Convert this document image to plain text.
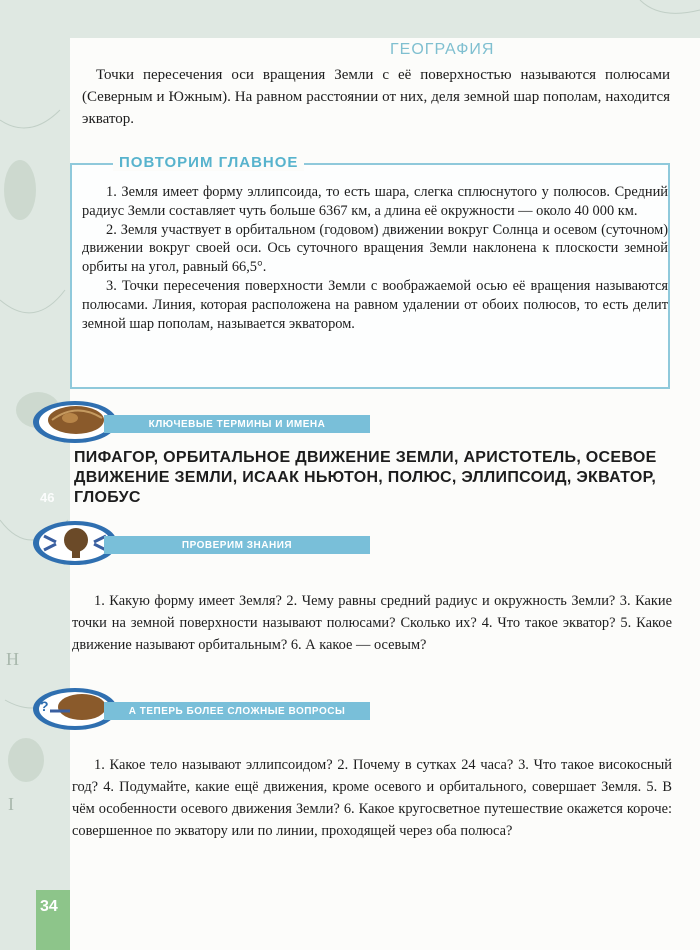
H
I
ГЕОГРАФИЯ
Точки пересечения оси вращения Земли с её поверхностью называются полюсами (Северным и Южным). На равном расстоянии от них, деля земной шар пополам, находится экватор.
ПОВТОРИМ ГЛАВНОЕ

1. Земля имеет форму эллипсоида, то есть шара, слегка сплюснутого у полюсов. Средний радиус Земли составляет чуть больше 6367 км, а длина её окружности — около 40 000 км.

2. Земля участвует в орбитальном (годовом) движении вокруг Солнца и осевом (суточном) движении вокруг своей оси. Ось суточного вращения Земли наклонена к плоскости земной орбиты на угол, равный 66,5°.

3. Точки пересечения поверхности Земли с воображаемой осью её вращения называются полюсами. Линия, которая расположена на равном удалении от обоих полюсов, то есть делит земной шар пополам, называется экватором.

КЛЮЧЕВЫЕ ТЕРМИНЫ И ИМЕНА
ПИФАГОР, ОРБИТАЛЬНОЕ ДВИЖЕНИЕ ЗЕМЛИ, АРИСТОТЕЛЬ, ОСЕВОЕ ДВИЖЕНИЕ ЗЕМЛИ, ИСААК НЬЮТОН, ПОЛЮС, ЭЛЛИПСОИД, ЭКВАТОР, ГЛОБУС
ПРОВЕРИМ ЗНАНИЯ
1. Какую форму имеет Земля? 2. Чему равны средний радиус и окружность Земли? 3. Какие точки на земной поверхности называют полюсами? Сколько их? 4. Что такое экватор? 5. Какое движение называют орбитальным? 6. А какое — осевым?
?	А ТЕПЕРЬ БОЛЕЕ СЛОЖНЫЕ ВОПРОСЫ
1. Какое тело называют эллипсоидом? 2. Почему в сутках 24 часа? 3. Что такое високосный год? 4. Подумайте, какие ещё движения, кроме осевого и орбитального, совершает Земля. 5. В чём особенности осевого движения Земли? 6. Какое кругосветное путешествие окажется короче: совершенное по экватору или по линии, проходящей через оба полюса?
46
34
